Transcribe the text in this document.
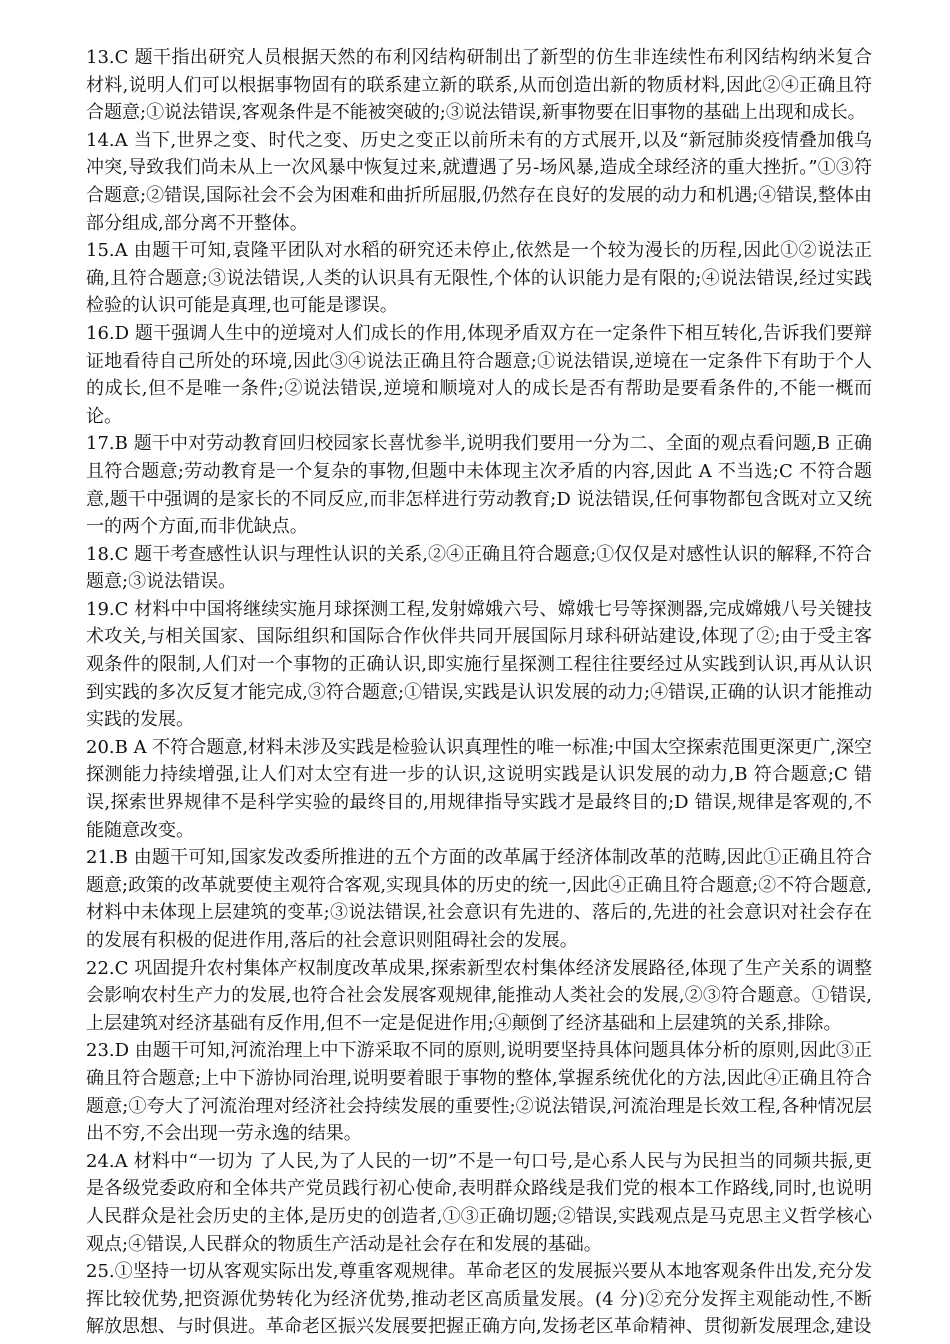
13.C 题干指出研究人员根据天然的布利冈结构研制出了新型的仿生非连续性布利冈结构纳米复合材料,说明人们可以根据事物固有的联系建立新的联系,从而创造出新的物质材料,因此②④正确且符合题意;①说法错误,客观条件是不能被突破的;③说法错误,新事物要在旧事物的基础上出现和成长。

14.A 当下,世界之变、时代之变、历史之变正以前所未有的方式展开,以及“新冠肺炎疫情叠加俄乌冲突,导致我们尚未从上一次风暴中恢复过来,就遭遇了另-场风暴,造成全球经济的重大挫折。”①③符合题意;②错误,国际社会不会为困难和曲折所屈服,仍然存在良好的发展的动力和机遇;④错误,整体由部分组成,部分离不开整体。

15.A 由题干可知,袁隆平团队对水稻的研究还未停止,依然是一个较为漫长的历程,因此①②说法正确,且符合题意;③说法错误,人类的认识具有无限性,个体的认识能力是有限的;④说法错误,经过实践检验的认识可能是真理,也可能是谬误。

16.D 题干强调人生中的逆境对人们成长的作用,体现矛盾双方在一定条件下相互转化,告诉我们要辩证地看待自己所处的环境,因此③④说法正确且符合题意;①说法错误,逆境在一定条件下有助于个人的成长,但不是唯一条件;②说法错误,逆境和顺境对人的成长是否有帮助是要看条件的,不能一概而论。

17.B 题干中对劳动教育回归校园家长喜忧参半,说明我们要用一分为二、全面的观点看问题,B 正确且符合题意;劳动教育是一个复杂的事物,但题中未体现主次矛盾的内容,因此 A 不当选;C 不符合题意,题干中强调的是家长的不同反应,而非怎样进行劳动教育;D 说法错误,任何事物都包含既对立又统一的两个方面,而非优缺点。

18.C 题干考查感性认识与理性认识的关系,②④正确且符合题意;①仅仅是对感性认识的解释,不符合题意;③说法错误。

19.C 材料中中国将继续实施月球探测工程,发射嫦娥六号、嫦娥七号等探测器,完成嫦娥八号关键技术攻关,与相关国家、国际组织和国际合作伙伴共同开展国际月球科研站建设,体现了②;由于受主客观条件的限制,人们对一个事物的正确认识,即实施行星探测工程往往要经过从实践到认识,再从认识到实践的多次反复才能完成,③符合题意;①错误,实践是认识发展的动力;④错误,正确的认识才能推动实践的发展。

20.B A 不符合题意,材料未涉及实践是检验认识真理性的唯一标准;中国太空探索范围更深更广,深空探测能力持续增强,让人们对太空有进一步的认识,这说明实践是认识发展的动力,B 符合题意;C 错误,探索世界规律不是科学实验的最终目的,用规律指导实践才是最终目的;D 错误,规律是客观的,不能随意改变。

21.B 由题干可知,国家发改委所推进的五个方面的改革属于经济体制改革的范畴,因此①正确且符合题意;政策的改革就要使主观符合客观,实现具体的历史的统一,因此④正确且符合题意;②不符合题意,材料中未体现上层建筑的变革;③说法错误,社会意识有先进的、落后的,先进的社会意识对社会存在的发展有积极的促进作用,落后的社会意识则阻碍社会的发展。

22.C 巩固提升农村集体产权制度改革成果,探索新型农村集体经济发展路径,体现了生产关系的调整会影响农村生产力的发展,也符合社会发展客观规律,能推动人类社会的发展,②③符合题意。①错误,上层建筑对经济基础有反作用,但不一定是促进作用;④颠倒了经济基础和上层建筑的关系,排除。

23.D 由题干可知,河流治理上中下游采取不同的原则,说明要坚持具体问题具体分析的原则,因此③正确且符合题意;上中下游协同治理,说明要着眼于事物的整体,掌握系统优化的方法,因此④正确且符合题意;①夸大了河流治理对经济社会持续发展的重要性;②说法错误,河流治理是长效工程,各种情况层出不穷,不会出现一劳永逸的结果。

24.A 材料中“一切为 了人民,为了人民的一切”不是一句口号,是心系人民与为民担当的同频共振,更是各级党委政府和全体共产党员践行初心使命,表明群众路线是我们党的根本工作路线,同时,也说明人民群众是社会历史的主体,是历史的创造者,①③正确切题;②错误,实践观点是马克思主义哲学核心观点;④错误,人民群众的物质生产活动是社会存在和发展的基础。

25.①坚持一切从客观实际出发,尊重客观规律。革命老区的发展振兴要从本地客观条件出发,充分发挥比较优势,把资源优势转化为经济优势,推动老区高质量发展。(4 分)②充分发挥主观能动性,不断解放思想、与时俱进。革命老区振兴发展要把握正确方向,发扬老区革命精神、贯彻新发展理念,建设
